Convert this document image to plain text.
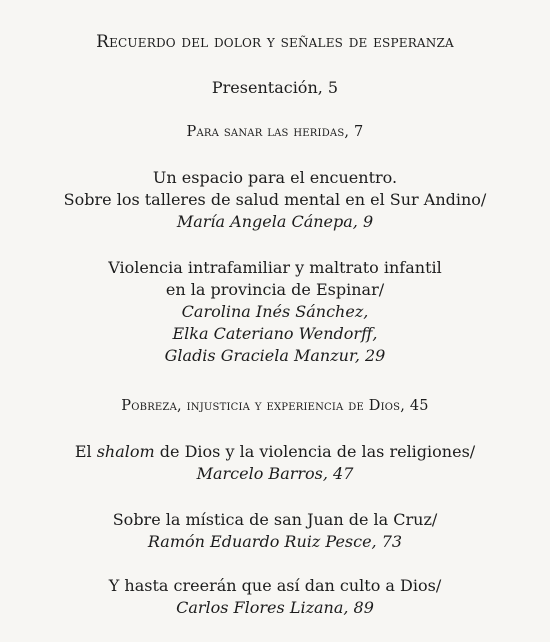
Recuerdo del dolor y señales de esperanza
Presentación, 5
Para sanar las heridas, 7
Un espacio para el encuentro.
Sobre los talleres de salud mental en el Sur Andino/
María Angela Cánepa, 9
Violencia intrafamiliar y maltrato infantil
en la provincia de Espinar/
Carolina Inés Sánchez,
Elka Cateriano Wendorff,
Gladis Graciela Manzur, 29
Pobreza, injusticia y experiencia de Dios, 45
El shalom de Dios y la violencia de las religiones/
Marcelo Barros, 47
Sobre la mística de san Juan de la Cruz/
Ramón Eduardo Ruiz Pesce, 73
Y hasta creerán que así dan culto a Dios/
Carlos Flores Lizana, 89
